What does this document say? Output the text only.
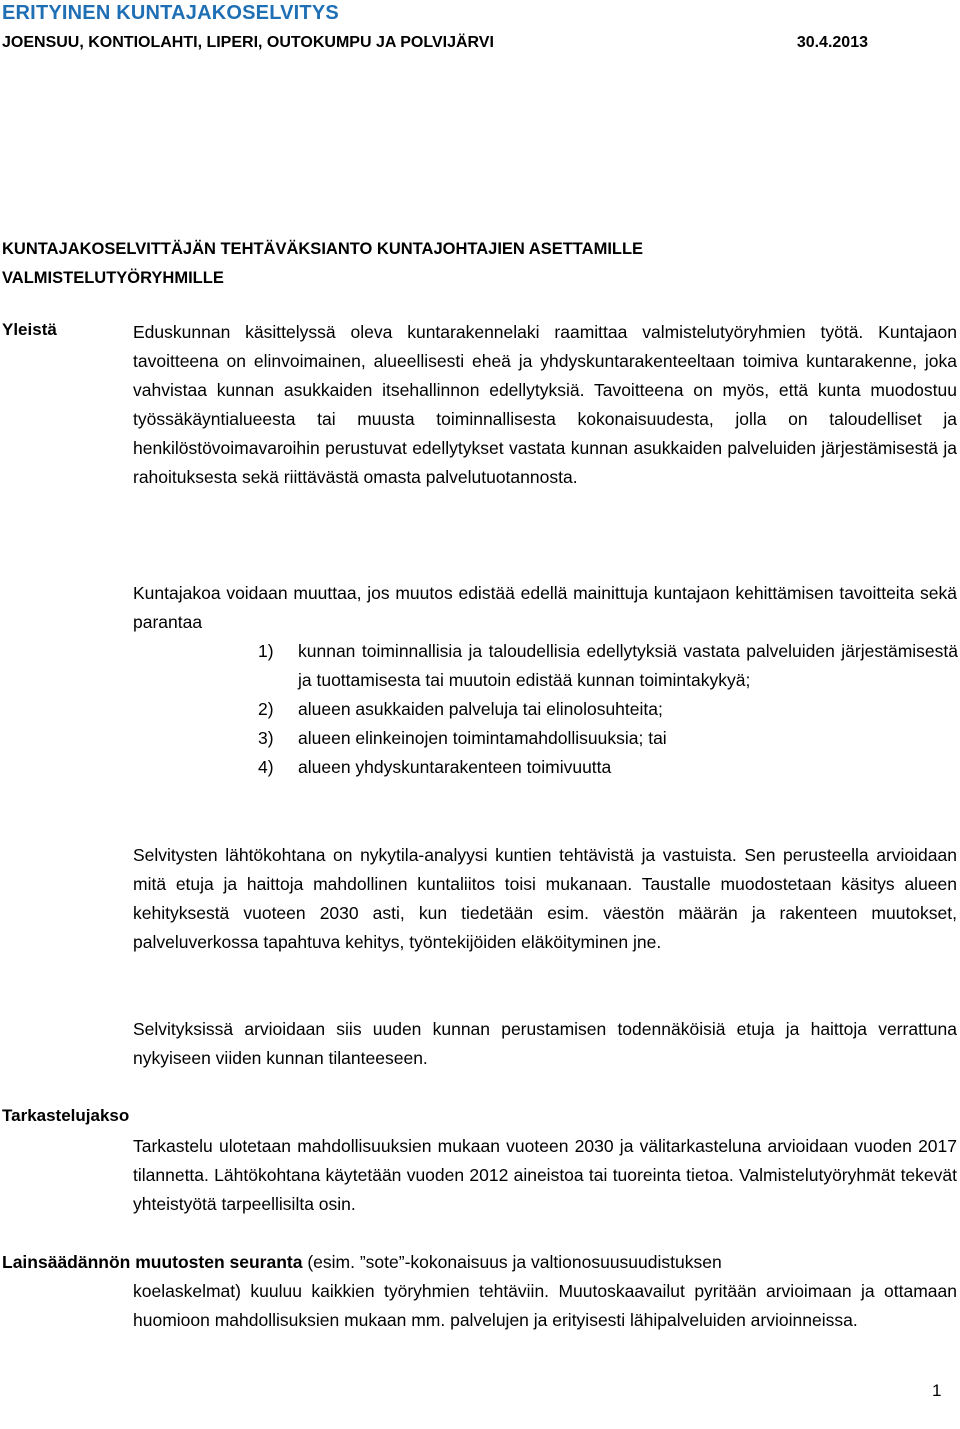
ERITYINEN KUNTAJAKOSELVITYS
JOENSUU, KONTIOLAHTI, LIPERI, OUTOKUMPU JA POLVIJÄRVI	30.4.2013
KUNTAJAKOSELVITTÄJÄN TEHTÄVÄKSIANTO KUNTAJOHTAJIEN ASETTAMILLE VALMISTELUTYÖRYHMILLE
Yleistä	Eduskunnan käsittelyssä oleva kuntarakennelaki raamittaa valmistelutyöryhmien työtä. Kuntajaon tavoitteena on elinvoimainen, alueellisesti eheä ja yhdyskuntarakenteeltaan toimiva kuntarakenne, joka vahvistaa kunnan asukkaiden itsehallinnon edellytyksiä. Tavoitteena on myös, että kunta muodostuu työssäkäyntialueesta tai muusta toiminnallisesta kokonaisuudesta, jolla on taloudelliset ja henkilöstövoimavaroihin perustuvat edellytykset vastata kunnan asukkaiden palveluiden järjestämisestä ja rahoituksesta sekä riittävästä omasta palvelutuotannosta.

Kuntajakoa voidaan muuttaa, jos muutos edistää edellä mainittuja kuntajaon kehittämisen tavoitteita sekä parantaa

1)	kunnan toiminnallisia ja taloudellisia edellytyksiä vastata palveluiden järjestämisestä ja tuottamisesta tai muutoin edistää kunnan toimintakykyä;
2)	alueen asukkaiden palveluja tai elinolosuhteita;
3)	alueen elinkeinojen toimintamahdollisuuksia; tai
4)	alueen yhdyskuntarakenteen toimivuutta

Selvitysten lähtökohtana on nykytila-analyysi kuntien tehtävistä ja vastuista. Sen perusteella arvioidaan mitä etuja ja haittoja mahdollinen kuntaliitos toisi mukanaan. Taustalle muodostetaan käsitys alueen kehityksestä vuoteen 2030 asti, kun tiedetään esim. väestön määrän ja rakenteen muutokset, palveluverkossa tapahtuva kehitys, työntekijöiden eläköityminen jne.

Selvityksissä arvioidaan siis uuden kunnan perustamisen todennäköisiä etuja ja haittoja verrattuna nykyiseen viiden kunnan tilanteeseen.

Tarkastelujakso

Tarkastelu ulotetaan mahdollisuuksien mukaan vuoteen 2030 ja välitarkasteluna arvioidaan vuoden 2017 tilannetta. Lähtökohtana käytetään vuoden 2012 aineistoa tai tuoreinta tietoa. Valmistelutyöryhmät tekevät yhteistyötä tarpeellisilta osin.

Lainsäädännön muutosten seuranta (esim. ”sote”-kokonaisuus ja valtionosuusuudistuksen

koelaskelmat) kuuluu kaikkien työryhmien tehtäviin. Muutoskaavailut pyritään arvioimaan ja ottamaan huomioon mahdollisuksien mukaan mm. palvelujen ja erityisesti lähipalveluiden arvioinneissa.

1
